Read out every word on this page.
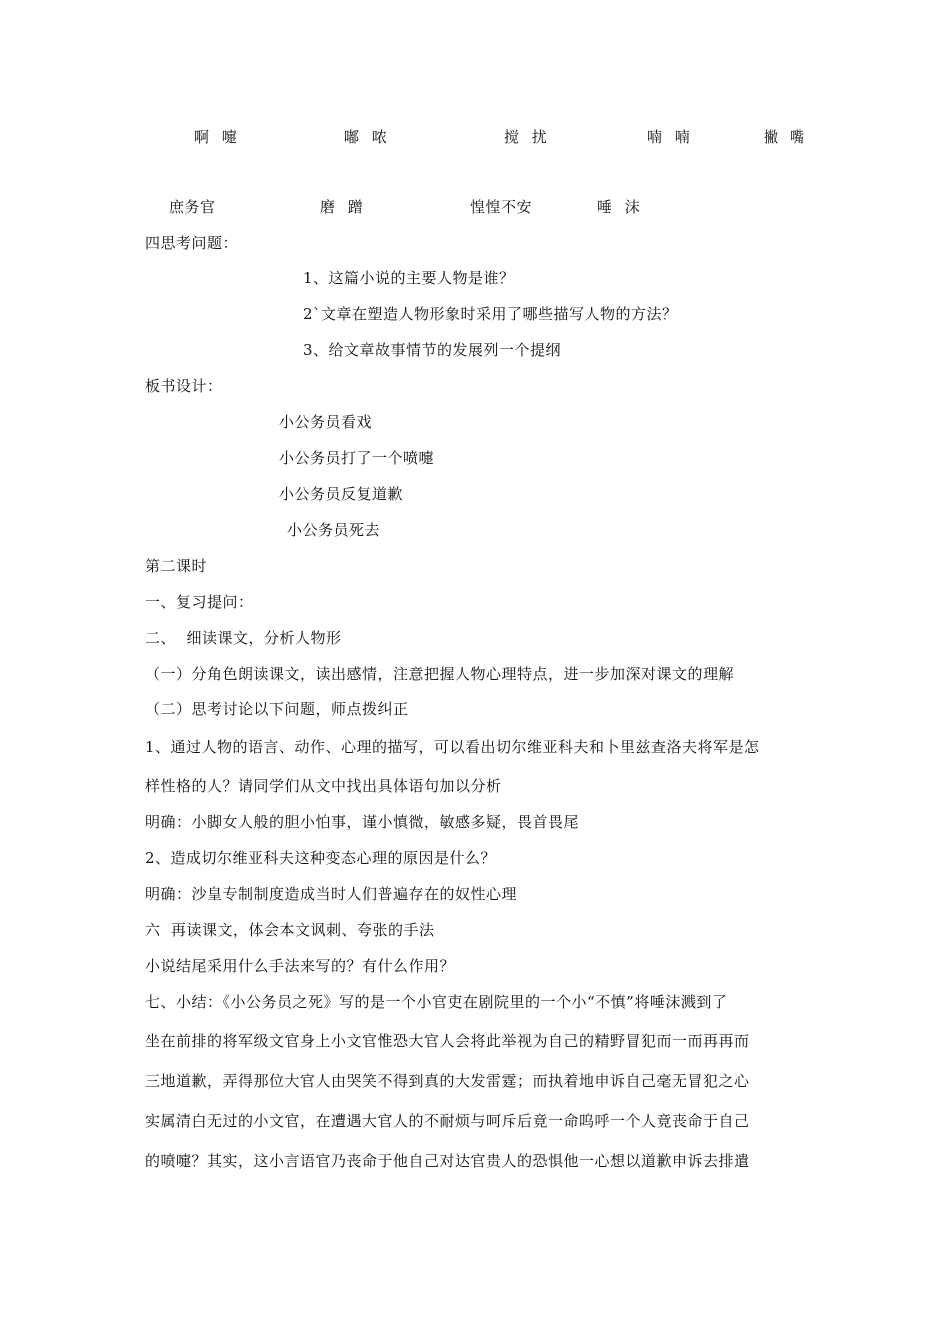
啊 嚏	嘟 哝	搅 扰	喃 喃	撇 嘴
庶务官	磨 蹭	惶惶不安	唾 沫
四思考问题：
1、这篇小说的主要人物是谁？
2`文章在塑造人物形象时采用了哪些描写人物的方法？
3、给文章故事情节的发展列一个提纲
板书设计：
小公务员看戏
小公务员打了一个喷嚏
小公务员反复道歉
小公务员死去
第二课时
一、复习提问：
二、  细读课文，分析人物形
（一）分角色朗读课文，读出感情，注意把握人物心理特点，进一步加深对课文的理解
（二）思考讨论以下问题，师点拨纠正
1、通过人物的语言、动作、心理的描写，可以看出切尔维亚科夫和卜里兹查洛夫将军是怎
样性格的人？请同学们从文中找出具体语句加以分析
明确：小脚女人般的胆小怕事，谨小慎微，敏感多疑，畏首畏尾
2、造成切尔维亚科夫这种变态心理的原因是什么？
明确：沙皇专制制度造成当时人们普遍存在的奴性心理
六  再读课文，体会本文讽刺、夸张的手法
小说结尾采用什么手法来写的？有什么作用？
七、小结：《小公务员之死》写的是一个小官吏在剧院里的一个小“不慎”将唾沫溅到了
坐在前排的将军级文官身上小文官惟恐大官人会将此举视为自己的精野冒犯而一而再再而
三地道歉，弄得那位大官人由哭笑不得到真的大发雷霆；而执着地申诉自己毫无冒犯之心
实属清白无过的小文官，在遭遇大官人的不耐烦与呵斥后竟一命呜呼一个人竟丧命于自己
的喷嚏？其实，这小言语官乃丧命于他自己对达官贵人的恐惧他一心想以道歉申诉去排遣
